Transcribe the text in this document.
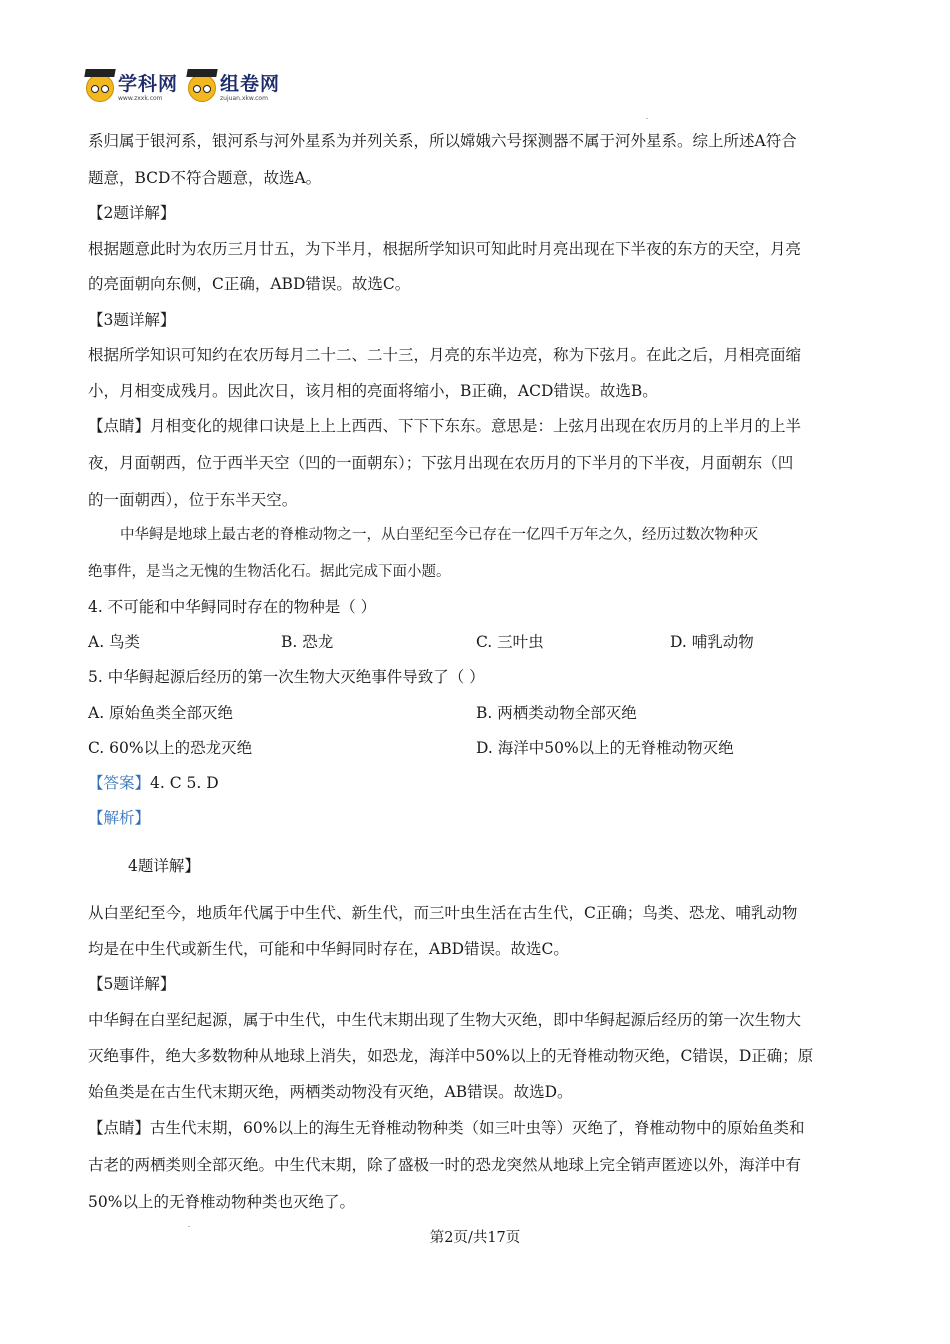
学科网
www.zxxk.com
组卷网
zujuan.xkw.com
系归属于银河系，银河系与河外星系为并列关系，所以嫦娥六号探测器不属于河外星系。综上所述A符合
题意，BCD不符合题意，故选A。
【2题详解】
根据题意此时为农历三月廿五，为下半月，根据所学知识可知此时月亮出现在下半夜的东方的天空，月亮
的亮面朝向东侧，C正确，ABD错误。故选C。
【3题详解】
根据所学知识可知约在农历每月二十二、二十三，月亮的东半边亮，称为下弦月。在此之后，月相亮面缩
小，月相变成残月。因此次日，该月相的亮面将缩小，B正确，ACD错误。故选B。
【点睛】月相变化的规律口诀是上上上西西、下下下东东。意思是：上弦月出现在农历月的上半月的上半
夜，月面朝西，位于西半天空（凹的一面朝东）；下弦月出现在农历月的下半月的下半夜，月面朝东（凹
的一面朝西），位于东半天空。
中华鲟是地球上最古老的脊椎动物之一，从白垩纪至今已存在一亿四千万年之久，经历过数次物种灭
绝事件，是当之无愧的生物活化石。据此完成下面小题。
4. 不可能和中华鲟同时存在的物种是（ ）
A. 鸟类	B. 恐龙	C. 三叶虫	D. 哺乳动物
5. 中华鲟起源后经历的第一次生物大灭绝事件导致了（ ）
A. 原始鱼类全部灭绝	B. 两栖类动物全部灭绝
C. 60%以上的恐龙灭绝	D. 海洋中50%以上的无脊椎动物灭绝
【答案】4. C 5. D
【解析】
4题详解】
从白垩纪至今，地质年代属于中生代、新生代，而三叶虫生活在古生代，C正确；鸟类、恐龙、哺乳动物
均是在中生代或新生代，可能和中华鲟同时存在，ABD错误。故选C。
【5题详解】
中华鲟在白垩纪起源，属于中生代，中生代末期出现了生物大灭绝，即中华鲟起源后经历的第一次生物大
灭绝事件，绝大多数物种从地球上消失，如恐龙，海洋中50%以上的无脊椎动物灭绝，C错误，D正确；原
始鱼类是在古生代末期灭绝，两栖类动物没有灭绝，AB错误。故选D。
【点睛】古生代末期，60%以上的海生无脊椎动物种类（如三叶虫等）灭绝了，脊椎动物中的原始鱼类和
古老的两栖类则全部灭绝。中生代末期，除了盛极一时的恐龙突然从地球上完全销声匿迹以外，海洋中有
50%以上的无脊椎动物种类也灭绝了。
第2页/共17页
